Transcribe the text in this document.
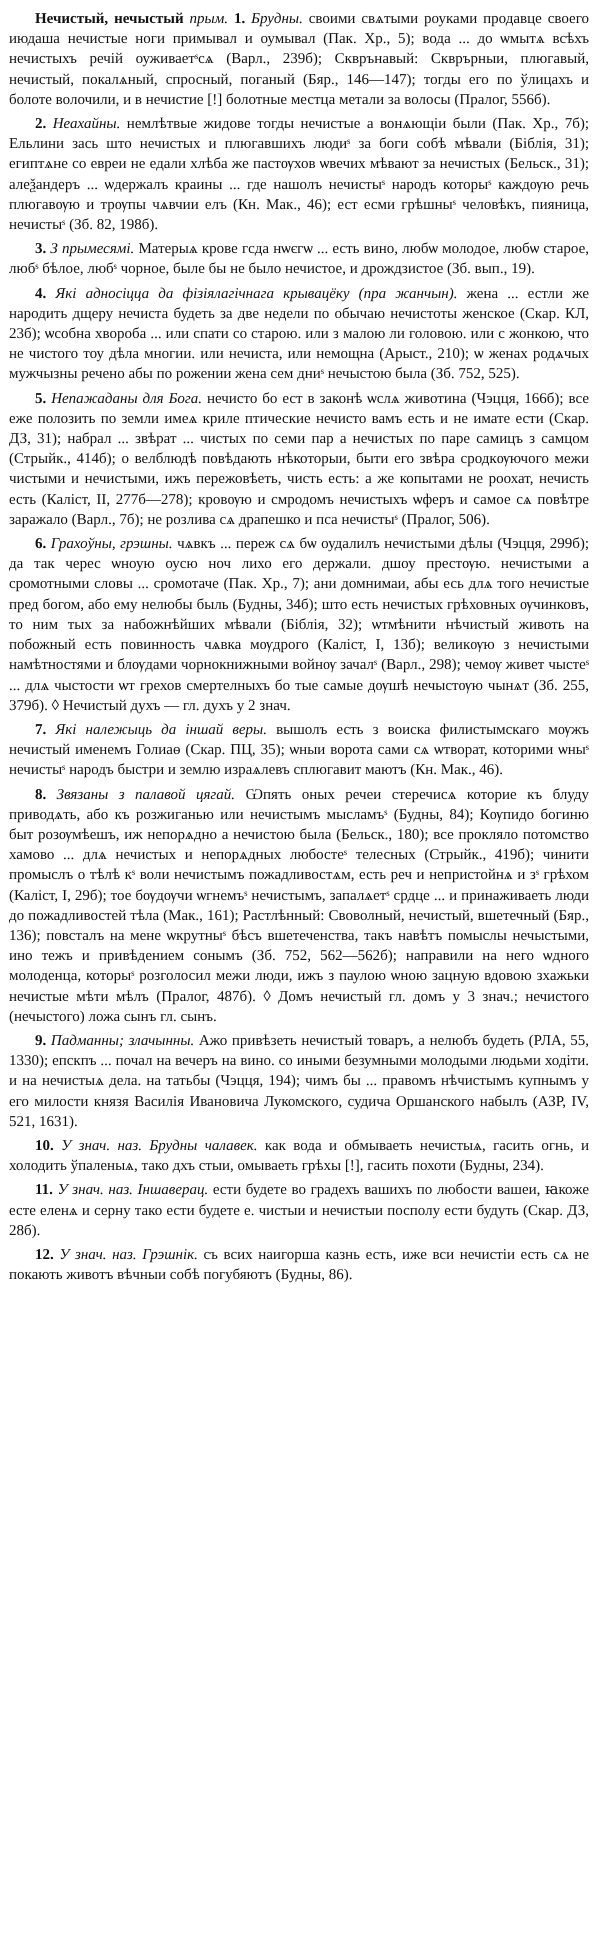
Нечистый, нечыстый прым. 1. Брудны. своими свѧтыми роуками продавце своего июдаша нечистые ноги примывал и оумывал (Пак. Хр., 5); вода ... до ѡмытѧ всѣхъ нечистыхъ речій оуживаетˢсѧ (Варл., 239б); Скврънавый: Скврърныи, плюгавый, нечистый, покалѧный, спросный, поганый (Бяр., 146—147); тогды его по ўлицахъ и болоте волочили, и в нечистие [!] болотные местца метали за волосы (Пралог, 556б).

2. Неахайны. немлѣтвые жидове тогды нечистые а вонѧющіи были (Пак. Хр., 7б); Ельлини зась што нечистых и плюгавшихъ людиˢ за боги собѣ мѣвали (Біблія, 31); египтѧне со евреи не едали хлѣба же пастѹхов ѡвечих мѣвают за нечистых (Бельск., 31); алеѯандеръ ... ѡдержалъ краины ... где нашолъ нечистыˢ народъ которыˢ каждѹю речь плюгавѹю и трѹпы чѧвчии елъ (Кн. Мак., 46); ест есми грѣшныˢ человѣкъ, пияница, нечистыˢ (Зб. 82, 198б).

3. З прымесямі. Матерыѧ крове гсда нѡєгѡ ... есть вино, любѡ молодое, любѡ старое, любˢ бѣлое, любˢ чорное, быле бы не было нечистое, и дрождзистое (Зб. вып., 19).

4. Які адносіцца да фізіялагічнага крывацёку (пра жанчын). жена ... естли же народить дщеру нечиста будеть за две недели по обычаю нечистоты женское (Скар. КЛ, 23б); ѡсобна хвороба ... или спати со старою. или з малою ли головою. или с жонкою, что не чистого тоу дѣла многии. или нечиста, или немощна (Арыст., 210); ѡ женах родѧчых мужчызны речено абы по рожении жена сем дниˢ нечыстою была (Зб. 752, 525).

5. Непажаданы для Бога. нечисто бо ест в законѣ ѡслѧ животина (Чэцця, 166б); все еже полозить по земли имеѧ криле птические нечисто вамъ есть и не имате ести (Скар. ДЗ, 31); набрал ... звѣрат ... чистых по семи пар а нечистых по паре самицъ з самцом (Стрыйк., 414б); о велблюдѣ повѣдають нѣкоторыи, быти его звѣра сродкѹючого межи чистыми и нечистыми, ижъ пережовѣеть, чисть есть: а же копытами не роохат, нечисть есть (Каліст, II, 277б—278); кровѹю и смродомъ нечистыхъ ѡферъ и самое сѧ повѣтре заражало (Варл., 7б); не розлива сѧ драпешко и пса нечистыˢ (Пралог, 506).

6. Грахоўны, грэшны. чѧвкъ ... переж сѧ бѡ оудалилъ нечистыми дѣлы (Чэцця, 299б); да так черес ѡноую оусю ноч лихо его держали. дшоу престѹю. нечистыми а сромотными словы ... сромотаче (Пак. Хр., 7); ани домнимаи, абы есь длѧ того нечистые пред богом, або ему нелюбы быль (Будны, 34б); што есть нечистых грѣховных ѹчинковъ, то ним тых за набожнѣйших мѣвали (Біблія, 32); ѡтмѣнити нѣчистый животь на побожный есть повинность чѧвка мѹдрого (Каліст, I, 13б); великѹю з нечистыми намѣтностями и блѹдами чорнокнижными войнѹ зачалˢ (Варл., 298); чемѹ живет чыстеˢ ... длѧ чыстости ѡт грехов смертелныхъ бо тые самые дѹшѣ нечыстѹю чынѧт (Зб. 255, 379б). ◊ Нечистый духъ — гл. духъ у 2 знач.

7. Які належыць да іншай веры. вышолъ есть з воиска филистымскаго мѹжъ нечистый именемъ Голиаѳ (Скар. ПЦ, 35); ѡныи ворота сами сѧ ѡтворат, которими ѡныˢ нечистыˢ народъ быстри и землю израѧлевъ сплюгавит маютъ (Кн. Мак., 46).

8. Звязаны з палавой цягай. Ѡпять оных речеи стеречисѧ которие къ блуду приводѧть, або къ розжиганью или нечистымъ мысламъˢ (Будны, 84); Кѹпидо богиню быт розѹмѣешъ, иж непорѧдно а нечистою была (Бельск., 180); все прокляло потомство хамово ... длѧ нечистых и непорѧдных любостеˢ телесных (Стрыйк., 419б); чинити промыслъ о тѣлѣ кˢ воли нечистымъ пожадливостѧм, есть реч и непристойнѧ и зˢ грѣхом (Каліст, I, 29б); тое бѹдѹчи ѡгнемъˢ нечистымъ, запалѧетˢ срдце ... и принаживаеть люди до пожадливостей тѣла (Мак., 161); Растлѣнный: Своволный, нечистый, вшетечный (Бяр., 136); повсталъ на мене ѡкрутныˢ бѣсъ вшетеченства, такъ навѣтъ помыслы нечыстыми, ино тежъ и привѣдением сонымъ (Зб. 752, 562—562б); направили на него ѡдного молоденца, которыˢ розголосил межи люди, ижъ з паулою ѡною зацную вдовою зхажьки нечистые мѣти мѣлъ (Пралог, 487б). ◊ Домъ нечистый гл. домъ у 3 знач.; нечистого (нечыстого) ложа сынъ гл. сынъ.

9. Падманны; злачынны. Ажо привѣзеть нечистый товаръ, а нелюбъ будеть (РЛА, 55, 1330); епскпъ ... почал на вечеръ на вино. со иными безумными молодыми людьми ходіти. и на нечистыѧ дела. на татьбы (Чэцця, 194); чимъ бы ... правомъ нѣчистымъ купнымъ у его милости князя Василія Ивановича Лукомского, судича Оршанского набылъ (АЗР, IV, 521, 1631).

10. У знач. наз. Брудны чалавек. как вода и обмываеть нечистыѧ, гасить огнь, и холодить ўпаленыѧ, тако дхъ стыи, омываеть грѣхы [!], гасить похоти (Будны, 234).

11. У знач. наз. Іншаверац. ести будете во градехъ вашихъ по любости вашеи, ꙗкоже есте еленѧ и серну тако ести будете е. чистыи и нечистыи посполу ести будуть (Скар. ДЗ, 28б).

12. У знач. наз. Грэшнік. съ всих наигорша казнь есть, иже вси нечистіи есть сѧ не покають животъ вѣчныи собѣ погубяютъ (Будны, 86).
